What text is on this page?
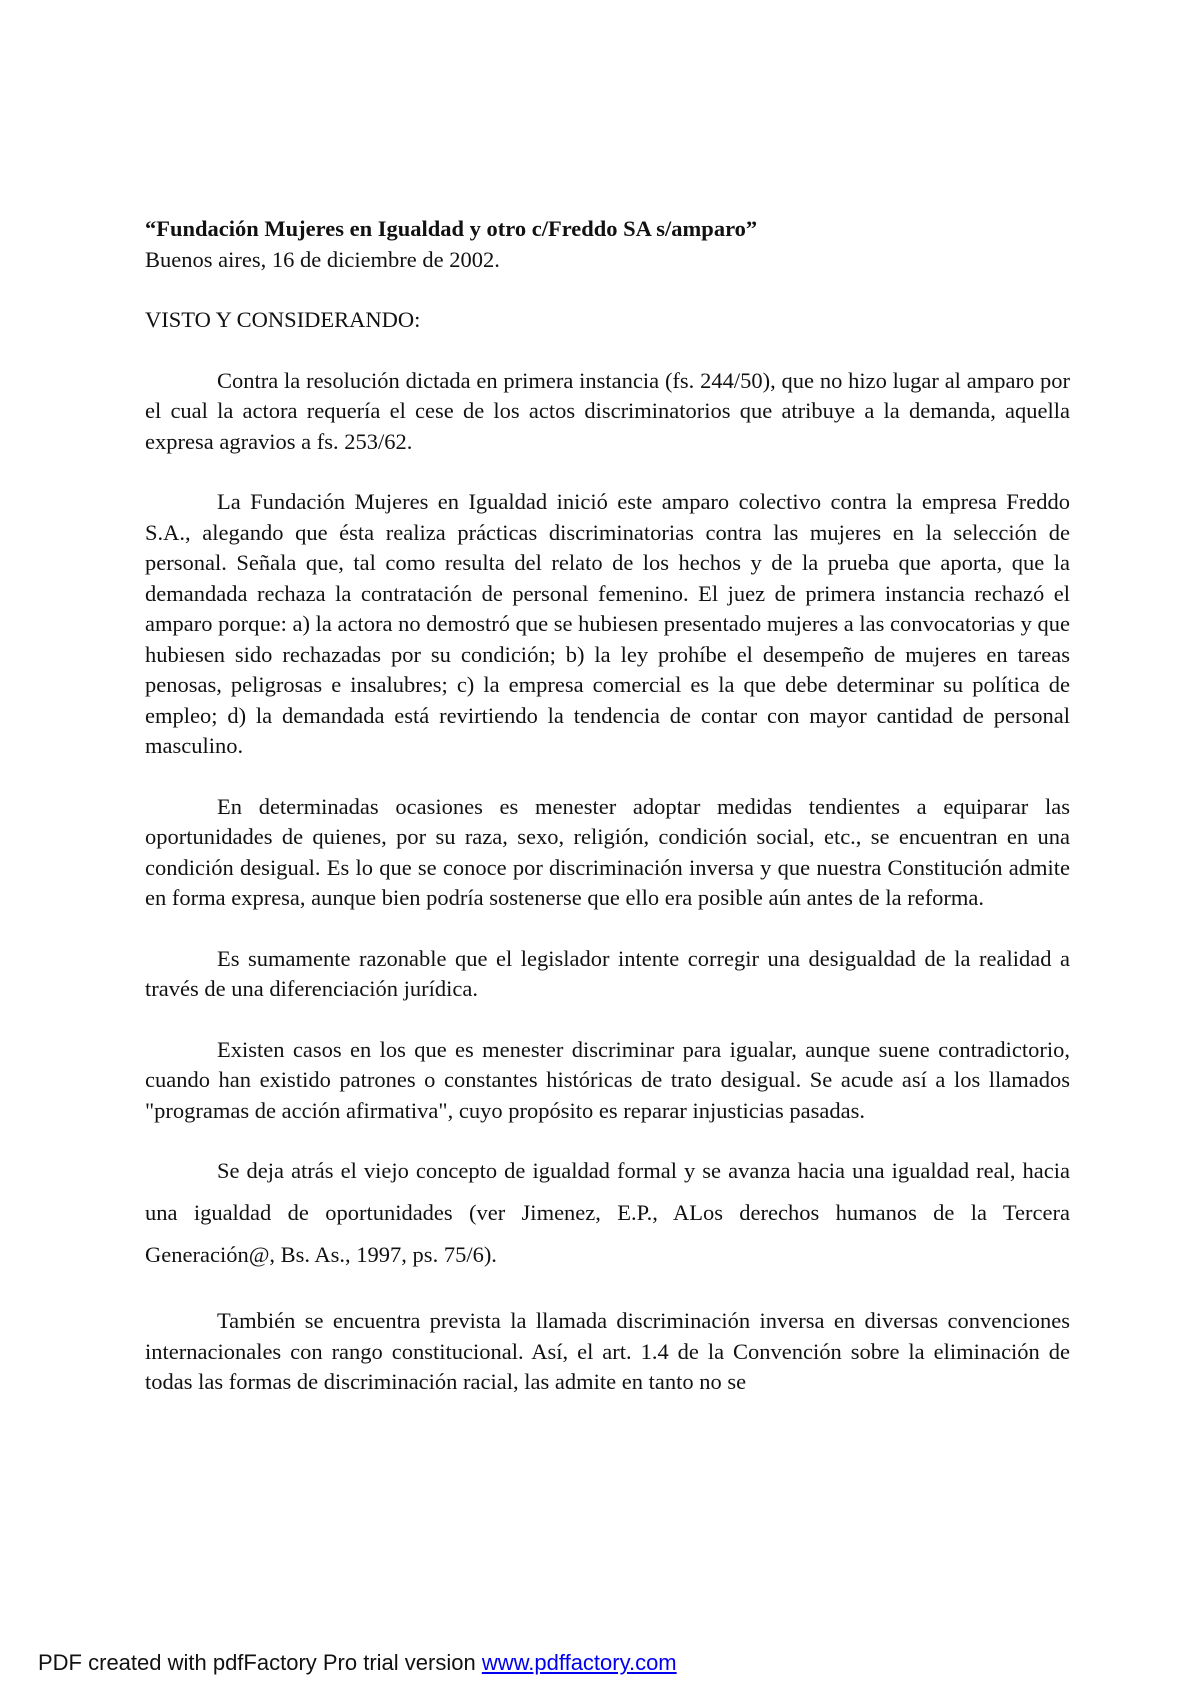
“Fundación Mujeres en Igualdad y otro c/Freddo SA s/amparo”

Buenos aires, 16 de diciembre de 2002.

VISTO Y CONSIDERANDO:

Contra la resolución dictada en primera instancia (fs. 244/50), que no hizo lugar al amparo por el cual la actora requería el cese de los actos discriminatorios que atribuye a la demanda, aquella expresa agravios a fs. 253/62.

La Fundación Mujeres en Igualdad inició este amparo colectivo contra la empresa Freddo S.A., alegando que ésta realiza prácticas discriminatorias contra las mujeres en la selección de personal. Señala que, tal como resulta del relato de los hechos y de la prueba que aporta, que la demandada rechaza la contratación de personal femenino. El juez de primera instancia rechazó el amparo porque: a) la actora no demostró que se hubiesen presentado mujeres a las convocatorias y que hubiesen sido rechazadas por su condición; b) la ley prohíbe el desempeño de mujeres en tareas penosas, peligrosas e insalubres; c) la empresa comercial es la que debe determinar su política de empleo; d) la demandada está revirtiendo la tendencia de contar con mayor cantidad de personal masculino.

En determinadas ocasiones es menester adoptar medidas tendientes a equiparar las oportunidades de quienes, por su raza, sexo, religión, condición social, etc., se encuentran en una condición desigual. Es lo que se conoce por discriminación inversa y que nuestra Constitución admite en forma expresa, aunque bien podría sostenerse que ello era posible aún antes de la reforma.

Es sumamente razonable que el legislador intente corregir una desigualdad de la realidad a través de una diferenciación jurídica.

Existen casos en los que es menester discriminar para igualar, aunque suene contradictorio, cuando han existido patrones o constantes históricas de trato desigual. Se acude así a los llamados "programas de acción afirmativa", cuyo propósito es reparar injusticias pasadas.

Se deja atrás el viejo concepto de igualdad formal y se avanza hacia una igualdad real, hacia una igualdad de oportunidades (ver Jimenez, E.P., ALos derechos humanos de la Tercera Generación@, Bs. As., 1997, ps. 75/6).

También se encuentra prevista la llamada discriminación inversa en diversas convenciones internacionales con rango constitucional. Así, el art. 1.4 de la Convención sobre la eliminación de todas las formas de discriminación racial, las admite en tanto no se

PDF created with pdfFactory Pro trial version www.pdffactory.com
